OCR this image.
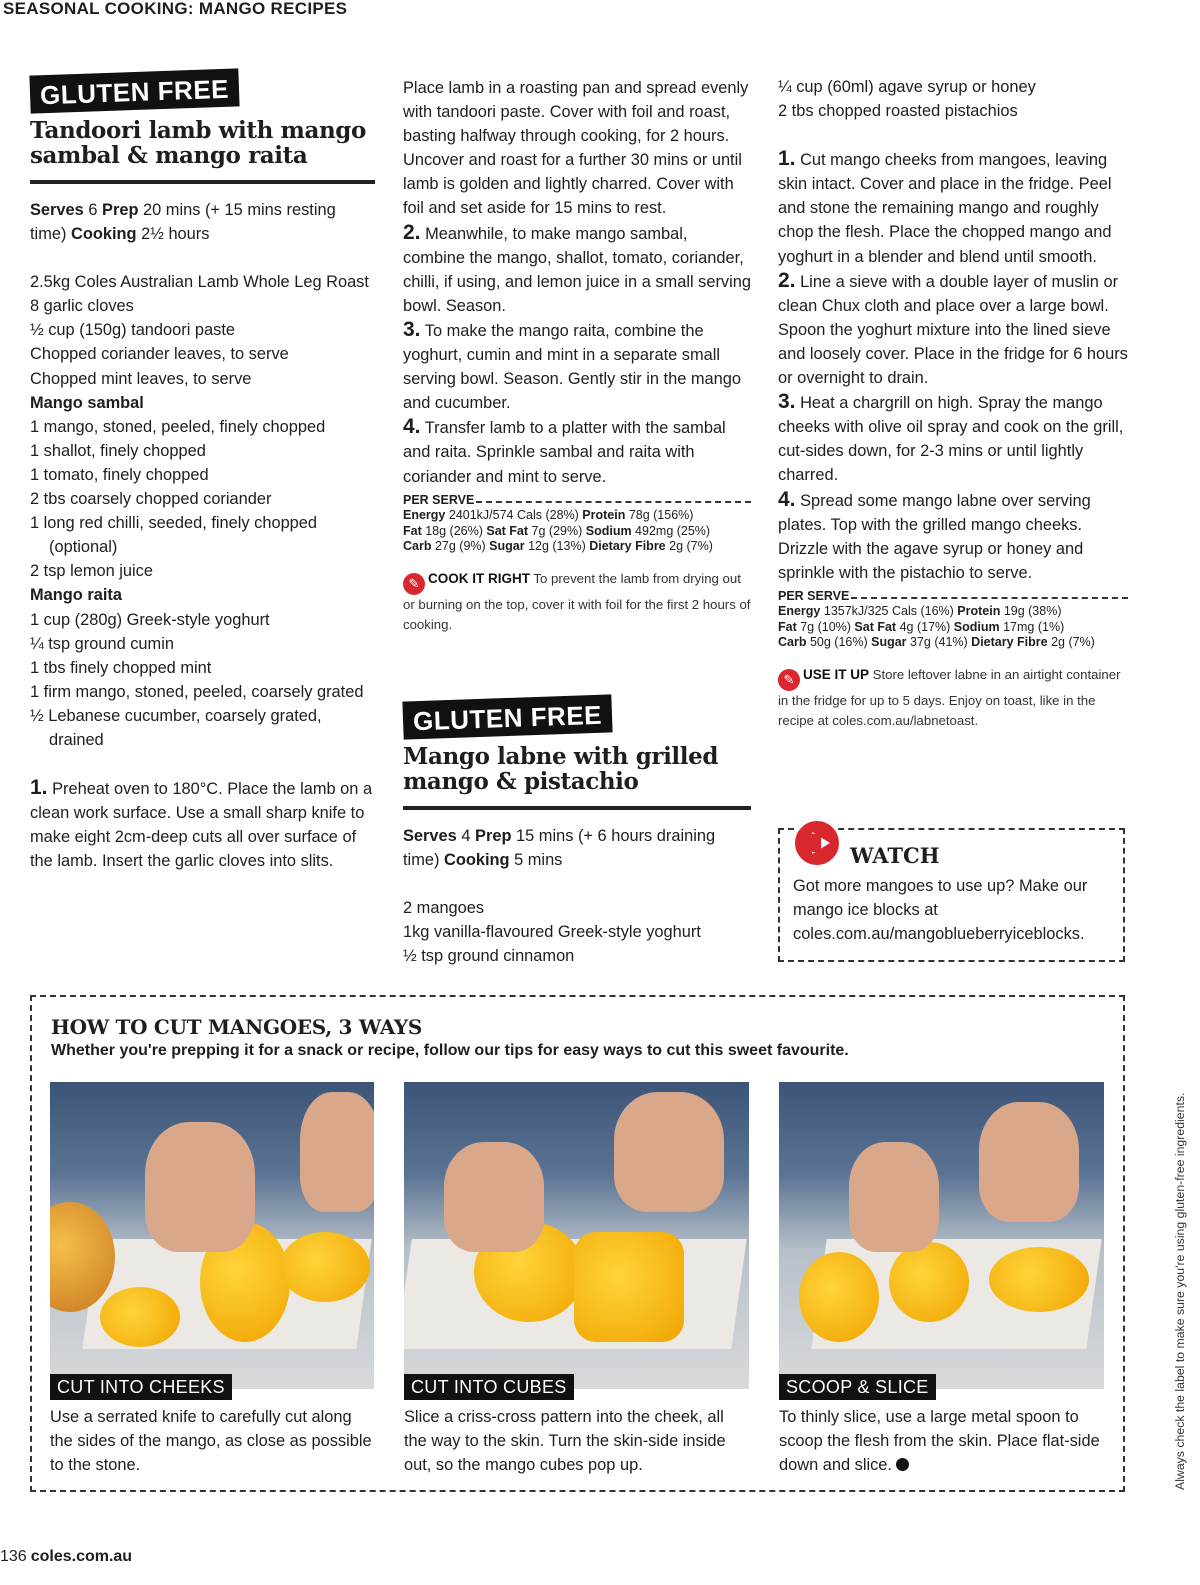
SEASONAL COOKING: MANGO RECIPES
GLUTEN FREE
Tandoori lamb with mango sambal & mango raita
Serves 6 Prep 20 mins (+ 15 mins resting time) Cooking 2½ hours
2.5kg Coles Australian Lamb Whole Leg Roast
8 garlic cloves
½ cup (150g) tandoori paste
Chopped coriander leaves, to serve
Chopped mint leaves, to serve
Mango sambal
1 mango, stoned, peeled, finely chopped
1 shallot, finely chopped
1 tomato, finely chopped
2 tbs coarsely chopped coriander
1 long red chilli, seeded, finely chopped (optional)
2 tsp lemon juice
Mango raita
1 cup (280g) Greek-style yoghurt
¼ tsp ground cumin
1 tbs finely chopped mint
1 firm mango, stoned, peeled, coarsely grated
½ Lebanese cucumber, coarsely grated, drained
1. Preheat oven to 180°C. Place the lamb on a clean work surface. Use a small sharp knife to make eight 2cm-deep cuts all over surface of the lamb. Insert the garlic cloves into slits.
Place lamb in a roasting pan and spread evenly with tandoori paste. Cover with foil and roast, basting halfway through cooking, for 2 hours. Uncover and roast for a further 30 mins or until lamb is golden and lightly charred. Cover with foil and set aside for 15 mins to rest.
2. Meanwhile, to make mango sambal, combine the mango, shallot, tomato, coriander, chilli, if using, and lemon juice in a small serving bowl. Season.
3. To make the mango raita, combine the yoghurt, cumin and mint in a separate small serving bowl. Season. Gently stir in the mango and cucumber.
4. Transfer lamb to a platter with the sambal and raita. Sprinkle sambal and raita with coriander and mint to serve.
PER SERVE
Energy 2401kJ/574 Cals (28%) Protein 78g (156%)
Fat 18g (26%) Sat Fat 7g (29%) Sodium 492mg (25%)
Carb 27g (9%) Sugar 12g (13%) Dietary Fibre 2g (7%)
✎ COOK IT RIGHT To prevent the lamb from drying out or burning on the top, cover it with foil for the first 2 hours of cooking.
GLUTEN FREE
Mango labne with grilled mango & pistachio
Serves 4 Prep 15 mins (+ 6 hours draining time) Cooking 5 mins
2 mangoes
1kg vanilla-flavoured Greek-style yoghurt
½ tsp ground cinnamon
¼ cup (60ml) agave syrup or honey
2 tbs chopped roasted pistachios
1. Cut mango cheeks from mangoes, leaving skin intact. Cover and place in the fridge. Peel and stone the remaining mango and roughly chop the flesh. Place the chopped mango and yoghurt in a blender and blend until smooth.
2. Line a sieve with a double layer of muslin or clean Chux cloth and place over a large bowl. Spoon the yoghurt mixture into the lined sieve and loosely cover. Place in the fridge for 6 hours or overnight to drain.
3. Heat a chargrill on high. Spray the mango cheeks with olive oil spray and cook on the grill, cut-sides down, for 2-3 mins or until lightly charred.
4. Spread some mango labne over serving plates. Top with the grilled mango cheeks. Drizzle with the agave syrup or honey and sprinkle with the pistachio to serve.
PER SERVE
Energy 1357kJ/325 Cals (16%) Protein 19g (38%)
Fat 7g (10%) Sat Fat 4g (17%) Sodium 17mg (1%)
Carb 50g (16%) Sugar 37g (41%) Dietary Fibre 2g (7%)
✎ USE IT UP Store leftover labne in an airtight container in the fridge for up to 5 days. Enjoy on toast, like in the recipe at coles.com.au/labnetoast.
WATCH
Got more mangoes to use up? Make our mango ice blocks at coles.com.au/mangoblueberryiceblocks.
HOW TO CUT MANGOES, 3 WAYS
Whether you're prepping it for a snack or recipe, follow our tips for easy ways to cut this sweet favourite.
CUT INTO CHEEKS
Use a serrated knife to carefully cut along the sides of the mango, as close as possible to the stone.
CUT INTO CUBES
Slice a criss-cross pattern into the cheek, all the way to the skin. Turn the skin-side inside out, so the mango cubes pop up.
SCOOP & SLICE
To thinly slice, use a large metal spoon to scoop the flesh from the skin. Place flat-side down and slice.	Always check the label to make sure you're using gluten-free ingredients.
136 coles.com.au
